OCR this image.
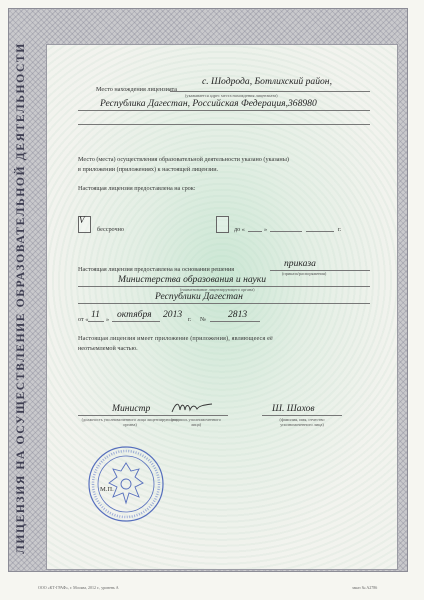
ЛИЦЕНЗИЯ НА ОСУЩЕСТВЛЕНИЕ ОБРАЗОВАТЕЛЬНОЙ ДЕЯТЕЛЬНОСТИ	Место нахождения лицензиата
с. Шодрода, Ботлихский район,
(указывается адрес места нахождения лицензиата)
Республика Дагестан, Российская Федерация,368980
Место (места) осуществления образовательной деятельности указано (указаны)
в приложении (приложениях) к настоящей лицензии.
Настоящая лицензия предоставлена на срок:
V
бессрочно	до «	»	г.
Настоящая лицензия предоставлена на основании решения
приказа
(приказа/распоряжения)
Министерства образования и науки
(наименование лицензирующего органа)
Республики Дагестан
от « 11 » октября 2013 г. № 2813
Настоящая лицензия имеет приложение (приложения), являющееся её
неотъемлемой частью.
Министр
(должность уполномоченного лица лицензирующего органа)
(подпись уполномоченного лица)
Ш. Шахов
(фамилия, имя, отчество уполномоченного лица)
М.П.
ООО «КТ-ГРАФ», г. Москва, 2012 г., уровень А	заказ № А2786
